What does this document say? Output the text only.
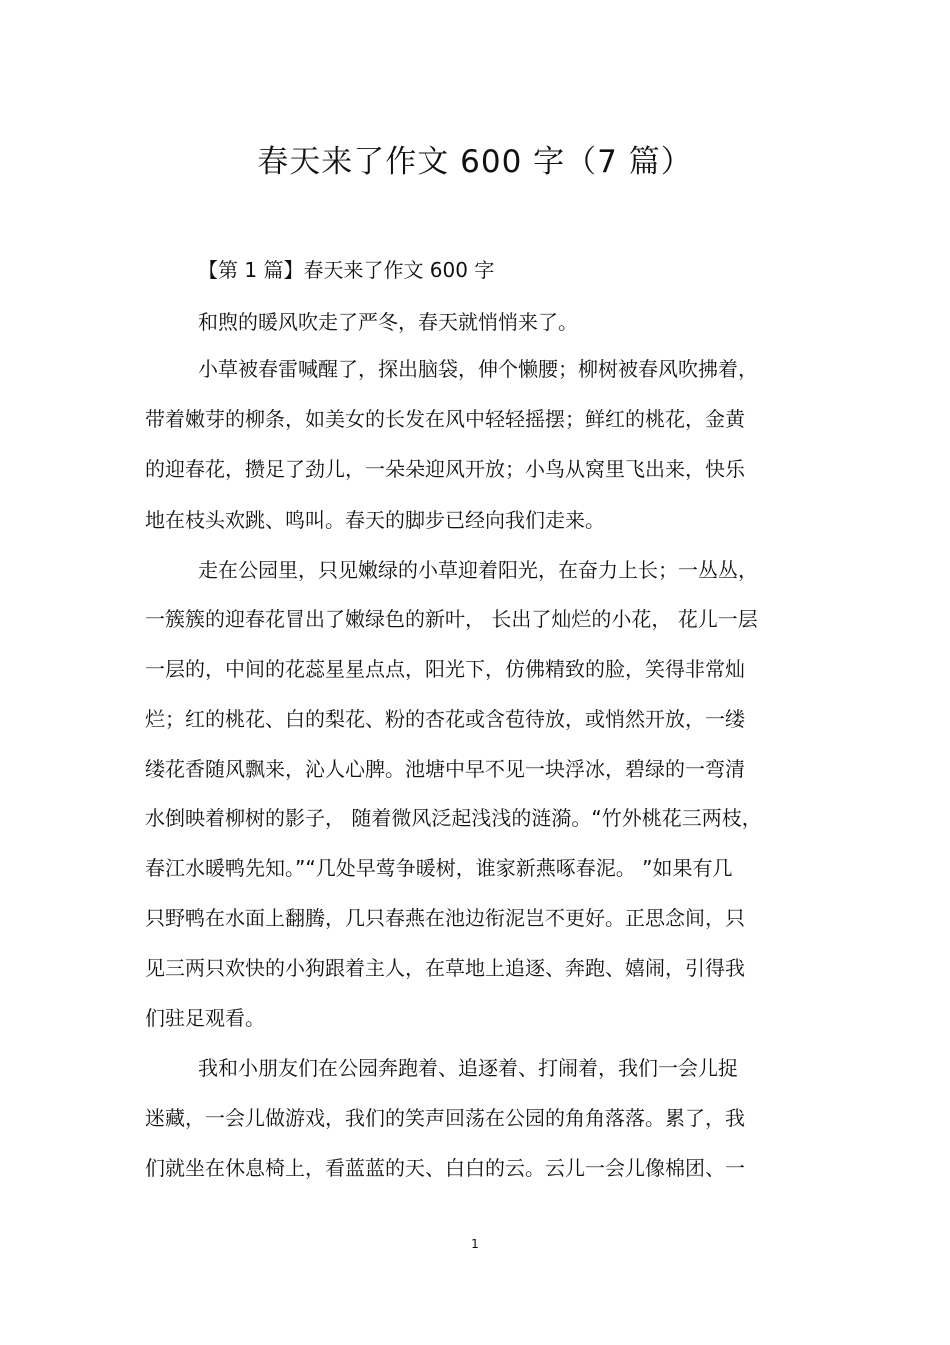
春天来了作文 600 字（7 篇）
【第 1 篇】春天来了作文 600 字
和煦的暖风吹走了严冬，春天就悄悄来了。
小草被春雷喊醒了，探出脑袋，伸个懒腰；柳树被春风吹拂着，
带着嫩芽的柳条，如美女的长发在风中轻轻摇摆；鲜红的桃花，金黄
的迎春花，攒足了劲儿，一朵朵迎风开放；小鸟从窝里飞出来，快乐
地在枝头欢跳、鸣叫。春天的脚步已经向我们走来。
走在公园里，只见嫩绿的小草迎着阳光，在奋力上长；一丛丛，
一簇簇的迎春花冒出了嫩绿色的新叶， 长出了灿烂的小花， 花儿一层
一层的，中间的花蕊星星点点，阳光下，仿佛精致的脸，笑得非常灿
烂；红的桃花、白的梨花、粉的杏花或含苞待放，或悄然开放，一缕
缕花香随风飘来，沁人心脾。池塘中早不见一块浮冰，碧绿的一弯清
水倒映着柳树的影子， 随着微风泛起浅浅的涟漪。“竹外桃花三两枝，
春江水暖鸭先知。”“几处早莺争暖树，谁家新燕啄春泥。 ”如果有几
只野鸭在水面上翻腾，几只春燕在池边衔泥岂不更好。正思念间，只
见三两只欢快的小狗跟着主人，在草地上追逐、奔跑、嬉闹，引得我
们驻足观看。
我和小朋友们在公园奔跑着、追逐着、打闹着，我们一会儿捉
迷藏，一会儿做游戏，我们的笑声回荡在公园的角角落落。累了，我
们就坐在休息椅上，看蓝蓝的天、白白的云。云儿一会儿像棉团、一
1
